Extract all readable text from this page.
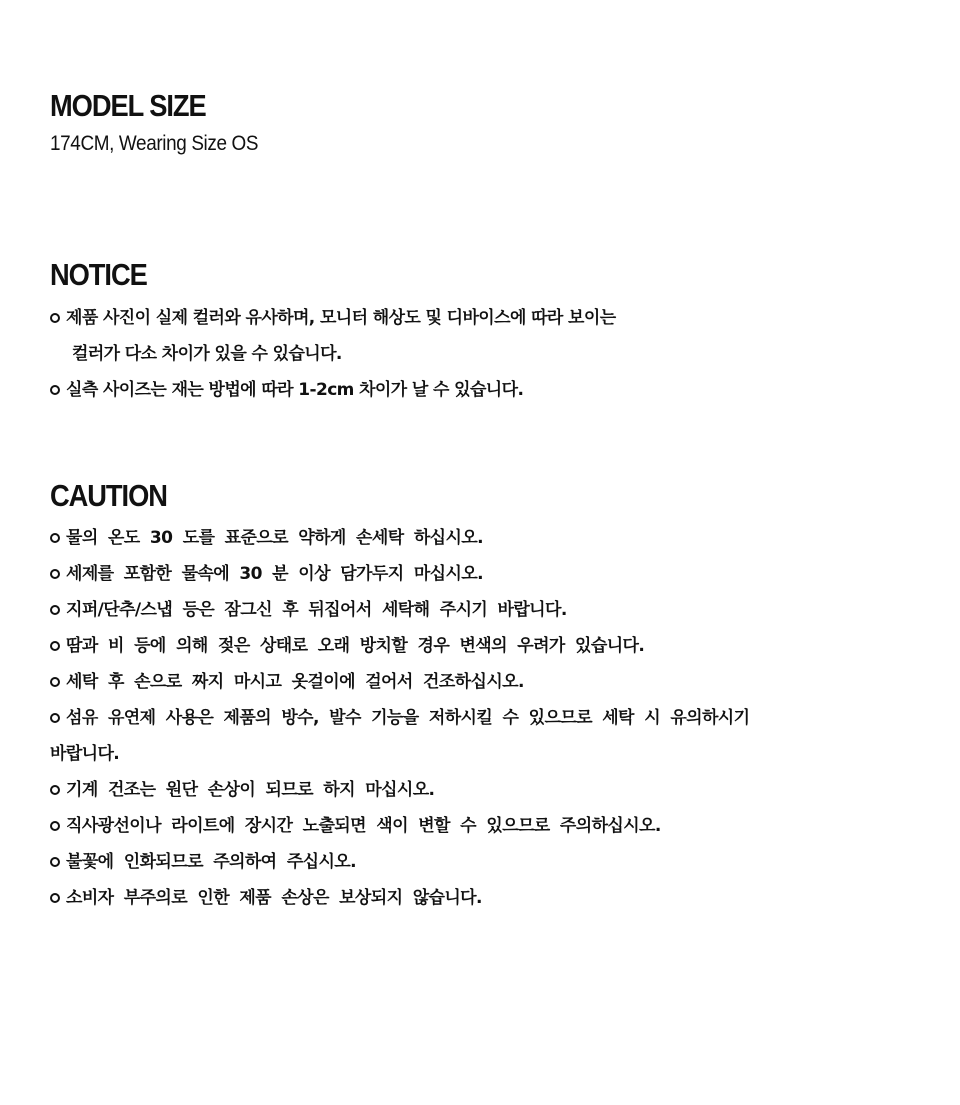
MODEL SIZE
174CM, Wearing Size OS
NOTICE
제품 사진이 실제 컬러와 유사하며, 모니터 해상도 및 디바이스에 따라 보이는
컬러가 다소 차이가 있을 수 있습니다.
실측 사이즈는 재는 방법에 따라 1-2cm 차이가 날 수 있습니다.
CAUTION
물의 온도 30 도를 표준으로 약하게 손세탁 하십시오.
세제를 포함한 물속에 30 분 이상 담가두지 마십시오.
지퍼/단추/스냅 등은 잠그신 후 뒤집어서 세탁해 주시기 바랍니다.
땀과 비 등에 의해 젖은 상태로 오래 방치할 경우 변색의 우려가 있습니다.
세탁 후 손으로 짜지 마시고 옷걸이에 걸어서 건조하십시오.
섬유 유연제 사용은 제품의 방수, 발수 기능을 저하시킬 수 있으므로 세탁 시 유의하시기
바랍니다.
기계 건조는 원단 손상이 되므로 하지 마십시오.
직사광선이나 라이트에 장시간 노출되면 색이 변할 수 있으므로 주의하십시오.
불꽃에 인화되므로 주의하여 주십시오.
소비자 부주의로 인한 제품 손상은 보상되지 않습니다.
